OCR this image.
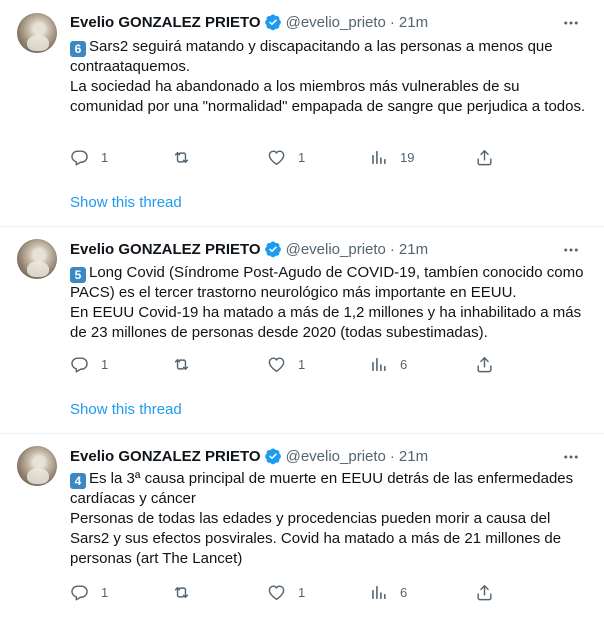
Evelio GONZALEZ PRIETO @evelio_prieto · 21m

6 Sars2 seguirá matando y discapacitando a las personas a menos que contraataquemos.

La sociedad ha abandonado a los miembros más vulnerables de su comunidad por una "normalidad" empapada de sangre que perjudica a todos.

1	1	19
Show this thread
Evelio GONZALEZ PRIETO @evelio_prieto · 21m

5 Long Covid (Síndrome Post-Agudo de COVID-19, tambíen conocido como PACS) es el tercer trastorno neurológico más importante en EEUU.

En EEUU Covid-19 ha matado a más de 1,2 millones y ha inhabilitado a más de 23 millones de personas desde 2020 (todas subestimadas).

1	1	6
Show this thread
Evelio GONZALEZ PRIETO @evelio_prieto · 21m

4 Es la 3ª causa principal de muerte en EEUU detrás de las enfermedades cardíacas y cáncer

Personas de todas las edades y procedencias pueden morir a causa del Sars2 y sus efectos posvirales. Covid ha matado a más de 21 millones de personas (art The Lancet)

1	1	6
